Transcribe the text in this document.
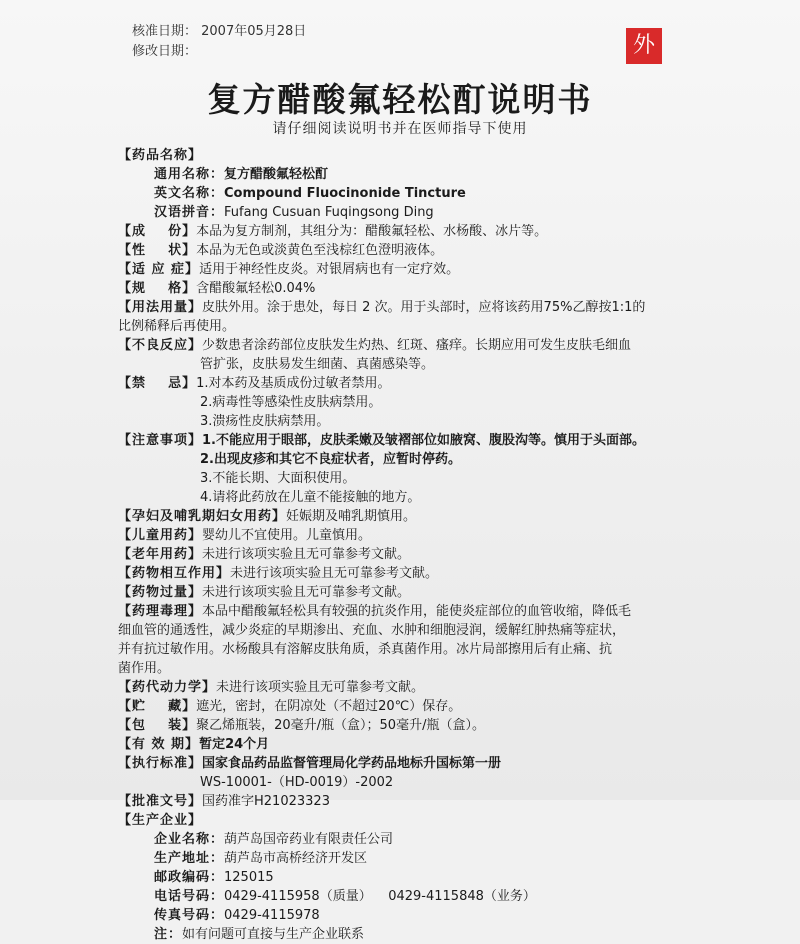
核准日期： 2007年05月28日
修改日期：	外
复方醋酸氟轻松酊说明书
请仔细阅读说明书并在医师指导下使用
【药品名称】
通用名称： 复方醋酸氟轻松酊
英文名称： Compound Fluocinonide Tincture
汉语拼音： Fufang Cusuan Fuqingsong Ding
【成    份】 本品为复方制剂，其组分为：醋酸氟轻松、水杨酸、冰片等。
【性    状】 本品为无色或淡黄色至浅棕红色澄明液体。
【适 应 症】 适用于神经性皮炎。对银屑病也有一定疗效。
【规    格】 含醋酸氟轻松0.04%
【用法用量】 皮肤外用。涂于患处，每日 2 次。用于头部时，应将该药用75%乙醇按1:1的
比例稀释后再使用。
【不良反应】 少数患者涂药部位皮肤发生灼热、红斑、瘙痒。长期应用可发生皮肤毛细血
管扩张，皮肤易发生细菌、真菌感染等。
【禁    忌】 1.对本药及基质成份过敏者禁用。
2.病毒性等感染性皮肤病禁用。
3.溃疡性皮肤病禁用。
【注意事项】 1.不能应用于眼部，皮肤柔嫩及皱褶部位如腋窝、腹股沟等。慎用于头面部。
2.出现皮疹和其它不良症状者，应暂时停药。
3.不能长期、大面积使用。
4.请将此药放在儿童不能接触的地方。
【孕妇及哺乳期妇女用药】 妊娠期及哺乳期慎用。
【儿童用药】 婴幼儿不宜使用。儿童慎用。
【老年用药】 未进行该项实验且无可靠参考文献。
【药物相互作用】 未进行该项实验且无可靠参考文献。
【药物过量】 未进行该项实验且无可靠参考文献。
【药理毒理】 本品中醋酸氟轻松具有较强的抗炎作用，能使炎症部位的血管收缩，降低毛
细血管的通透性，减少炎症的早期渗出、充血、水肿和细胞浸润，缓解红肿热痛等症状，
并有抗过敏作用。水杨酸具有溶解皮肤角质，杀真菌作用。冰片局部擦用后有止痛、抗
菌作用。
【药代动力学】 未进行该项实验且无可靠参考文献。
【贮    藏】 遮光，密封，在阴凉处（不超过20℃）保存。
【包    装】 聚乙烯瓶装，20毫升/瓶（盒）；50毫升/瓶（盒）。
【有 效 期】 暂定24个月
【执行标准】 国家食品药品监督管理局化学药品地标升国标第一册
WS-10001-（HD-0019）-2002
【批准文号】 国药准字H21023323
【生产企业】
企业名称： 葫芦岛国帝药业有限责任公司
生产地址： 葫芦岛市高桥经济开发区
邮政编码： 125015
电话号码： 0429-4115958（质量）    0429-4115848（业务）
传真号码： 0429-4115978
注： 如有问题可直接与生产企业联系
